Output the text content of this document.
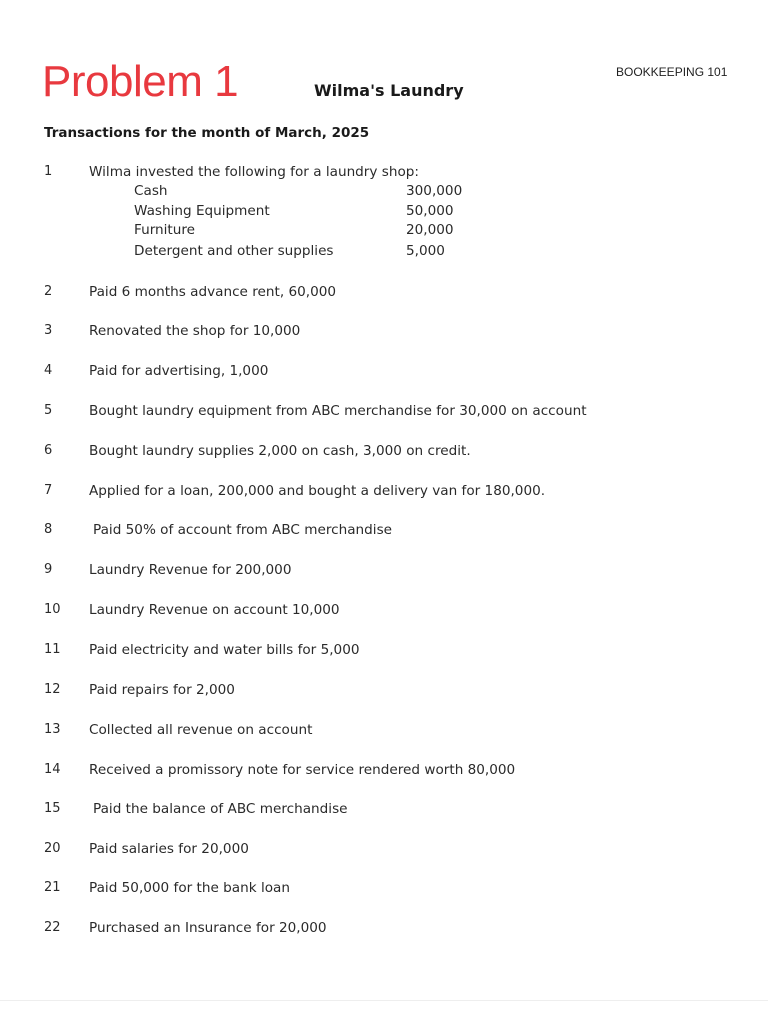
Problem 1	Wilma's Laundry
BOOKKEEPING 101
Transactions for the month of March, 2025
1	Wilma invested the following for a laundry shop:
Cash	300,000
Washing Equipment	50,000
Furniture	20,000
Detergent and other supplies	5,000
2	Paid 6 months advance rent, 60,000
3	Renovated the shop for 10,000
4	Paid for advertising, 1,000
5	Bought laundry equipment from ABC merchandise for 30,000 on account
6	Bought laundry supplies 2,000 on cash, 3,000 on credit.
7	Applied for a loan, 200,000 and bought a delivery van for 180,000.
8	Paid 50% of account from ABC merchandise
9	Laundry Revenue for 200,000
10	Laundry Revenue on account 10,000
11	Paid electricity and water bills for 5,000
12	Paid repairs for 2,000
13	Collected all revenue on account
14	Received a promissory note for service rendered worth 80,000
15	Paid the balance of ABC merchandise
20	Paid salaries for 20,000
21	Paid 50,000 for the bank loan
22	Purchased an Insurance for 20,000
